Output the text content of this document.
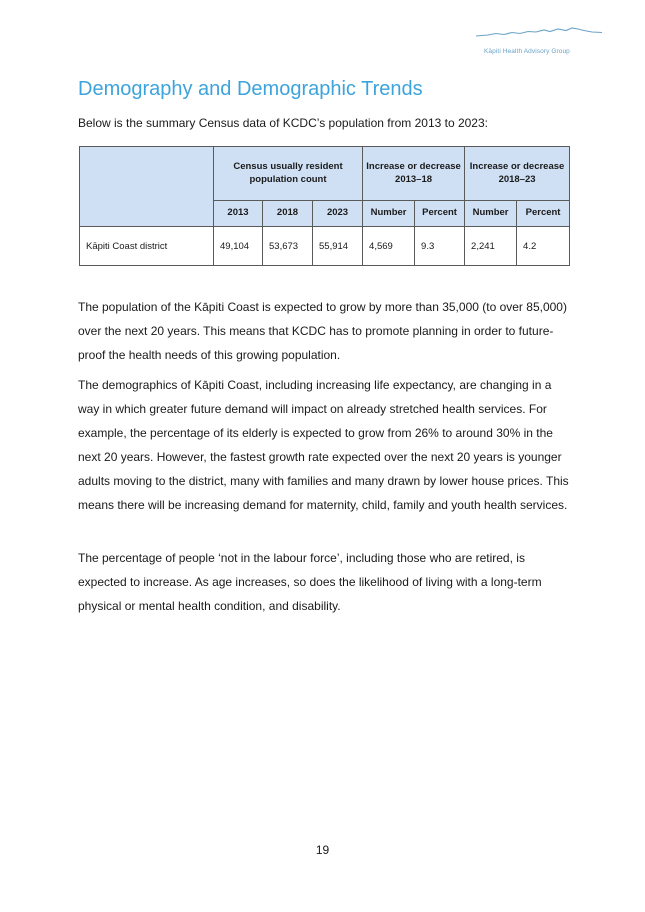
Kāpiti Health Advisory Group
Demography and Demographic Trends
Below is the summary Census data of KCDC’s population from 2013 to 2023:
	Census usually resident population count			Increase or decrease 2013–18		Increase or decrease 2018–23	
	2013	2018	2023	Number	Percent	Number	Percent
Kāpiti Coast district	49,104	53,673	55,914	4,569	9.3	2,241	4.2

The population of the Kāpiti Coast is expected to grow by more than 35,000 (to over 85,000) over the next 20 years. This means that KCDC has to promote planning in order to future-proof the health needs of this growing population.

The demographics of Kāpiti Coast, including increasing life expectancy, are changing in a way in which greater future demand will impact on already stretched health services. For example, the percentage of its elderly is expected to grow from 26% to around 30% in the next 20 years. However, the fastest growth rate expected over the next 20 years is younger adults moving to the district, many with families and many drawn by lower house prices. This means there will be increasing demand for maternity, child, family and youth health services.

The percentage of people ‘not in the labour force’, including those who are retired, is expected to increase. As age increases, so does the likelihood of living with a long-term physical or mental health condition, and disability.

19
